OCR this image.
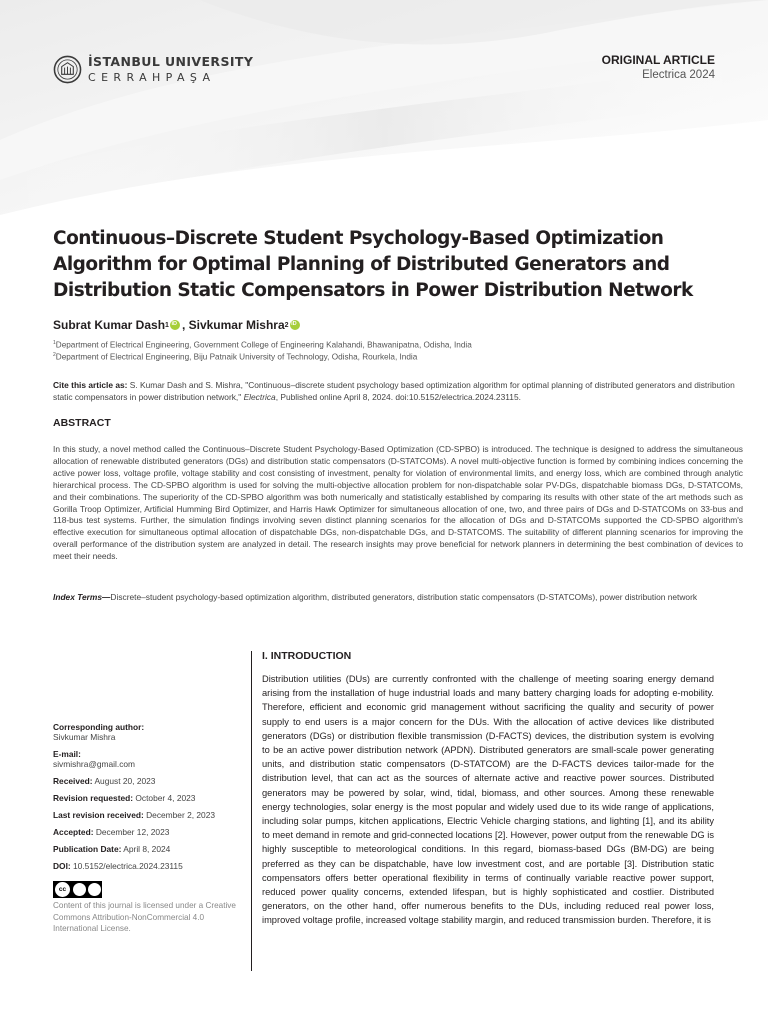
İSTANBUL UNIVERSITY
CERRAHPAŞA
ORIGINAL ARTICLE
Electrica 2024
Continuous–Discrete Student Psychology-Based Optimization Algorithm for Optimal Planning of Distributed Generators and Distribution Static Compensators in Power Distribution Network
Subrat Kumar Dash 1
iD , Sivkumar Mishra 2
iD
$^1$Department of Electrical Engineering, Government College of Engineering Kalahandi, Bhawanipatna, Odisha, India
$^2$Department of Electrical Engineering, Biju Patnaik University of Technology, Odisha, Rourkela, India
Cite this article as: S. Kumar Dash and S. Mishra, "Continuous–discrete student psychology based optimization algorithm for optimal planning of distributed generators and distribution static compensators in power distribution network," Electrica, Published online April 8, 2024. doi:10.5152/electrica.2024.23115.
ABSTRACT
In this study, a novel method called the Continuous–Discrete Student Psychology-Based Optimization (CD-SPBO) is introduced. The technique is designed to address the simultaneous allocation of renewable distributed generators (DGs) and distribution static compensators (D-STATCOMs). A novel multi-objective function is formed by combining indices concerning the active power loss, voltage profile, voltage stability and cost consisting of investment, penalty for violation of environmental limits, and energy loss, which are combined through analytic hierarchical process. The CD-SPBO algorithm is used for solving the multi-objective allocation problem for non-dispatchable solar PV-DGs, dispatchable biomass DGs, D-STATCOMs, and their combinations. The superiority of the CD-SPBO algorithm was both numerically and statistically established by comparing its results with other state of the art methods such as Gorilla Troop Optimizer, Artificial Humming Bird Optimizer, and Harris Hawk Optimizer for simultaneous allocation of one, two, and three pairs of DGs and D-STATCOMs on 33-bus and 118-bus test systems. Further, the simulation findings involving seven distinct planning scenarios for the allocation of DGs and D-STATCOMs supported the CD-SPBO algorithm's effective execution for simultaneous optimal allocation of dispatchable DGs, non-dispatchable DGs, and D-STATCOMS. The suitability of different planning scenarios for improving the overall performance of the distribution system are analyzed in detail. The research insights may prove beneficial for network planners in determining the best combination of devices to meet their needs.
Index Terms—Discrete–student psychology-based optimization algorithm, distributed generators, distribution static compensators (D-STATCOMs), power distribution network
Corresponding author:
Sivkumar Mishra
E-mail:
sivmishra@gmail.com
Received: August 20, 2023
Revision requested: October 4, 2023
Last revision received: December 2, 2023
Accepted: December 12, 2023
Publication Date: April 8, 2024
DOI: 10.5152/electrica.2024.23115
cc
Content of this journal is licensed under a Creative Commons Attribution-NonCommercial 4.0 International License.
I. INTRODUCTION
Distribution utilities (DUs) are currently confronted with the challenge of meeting soaring energy demand arising from the installation of huge industrial loads and many battery charging loads for adopting e-mobility. Therefore, efficient and economic grid management without sacrificing the quality and security of power supply to end users is a major concern for the DUs. With the allocation of active devices like distributed generators (DGs) or distribution flexible transmission (D-FACTS) devices, the distribution system is evolving to be an active power distribution network (APDN). Distributed generators are small-scale power generating units, and distribution static compensators (D-STATCOM) are the D-FACTS devices tailor-made for the distribution level, that can act as the sources of alternate active and reactive power sources. Distributed generators may be powered by solar, wind, tidal, biomass, and other sources. Among these renewable energy technologies, solar energy is the most popular and widely used due to its wide range of applications, including solar pumps, kitchen applications, Electric Vehicle charging stations, and lighting [1], and its ability to meet demand in remote and grid-connected locations [2]. However, power output from the renewable DG is highly susceptible to meteorological conditions. In this regard, biomass-based DGs (BM-DG) are being preferred as they can be dispatchable, have low investment cost, and are portable [3]. Distribution static compensators offers better operational flexibility in terms of continually variable reactive power support, reduced power quality concerns, extended lifespan, but is highly sophisticated and costlier. Distributed generators, on the other hand, offer numerous benefits to the DUs, including reduced real power loss, improved voltage profile, increased voltage stability margin, and reduced transmission burden. Therefore, it is
